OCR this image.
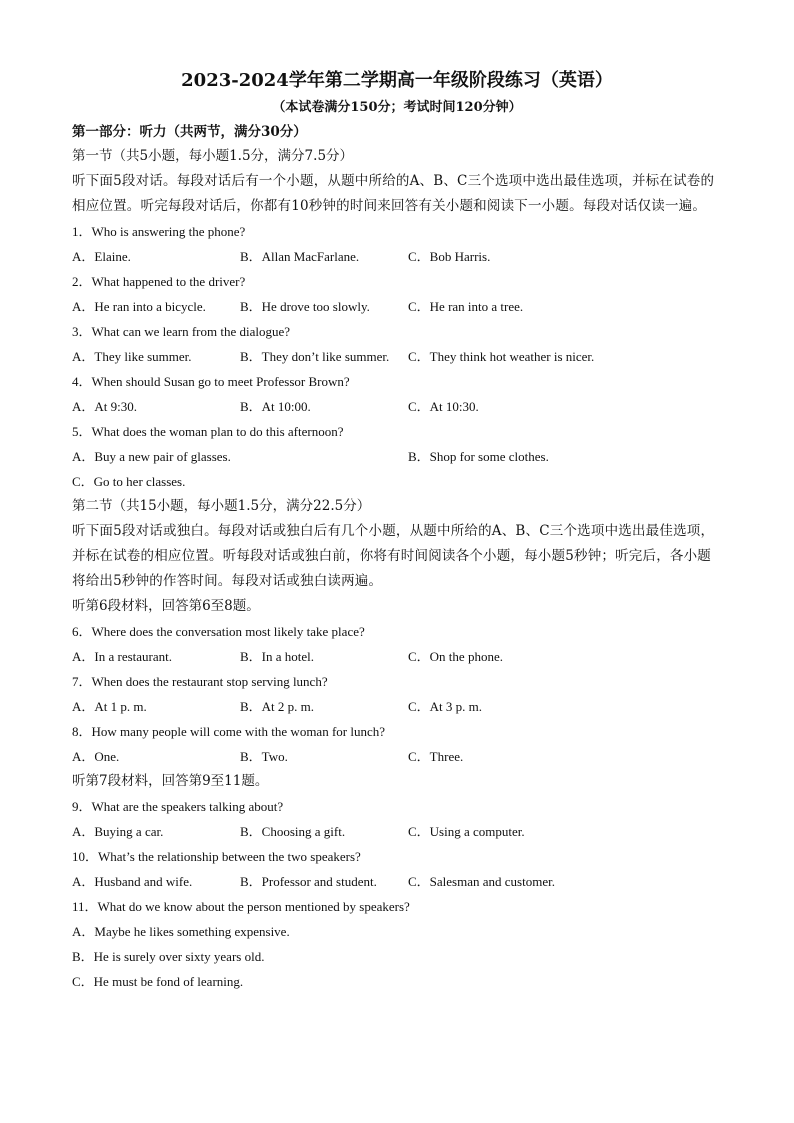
2023-2024学年第二学期高一年级阶段练习（英语）
（本试卷满分150分；考试时间120分钟）
第一部分：听力（共两节，满分30分）
第一节（共5小题，每小题1.5分，满分7.5分）
听下面5段对话。每段对话后有一个小题，从题中所给的A、B、C三个选项中选出最佳选项，并标在试卷的相应位置。听完每段对话后，你都有10秒钟的时间来回答有关小题和阅读下一小题。每段对话仅读一遍。
1．Who is answering the phone?
A．Elaine.	B．Allan MacFarlane.	C．Bob Harris.
2．What happened to the driver?
A．He ran into a bicycle.	B．He drove too slowly.	C．He ran into a tree.
3．What can we learn from the dialogue?
A．They like summer.	B．They don’t like summer. C．They think hot weather is nicer.
4．When should Susan go to meet Professor Brown?
A．At 9:30.	B．At 10:00.	C．At 10:30.
5．What does the woman plan to do this afternoon?
A．Buy a new pair of glasses.	B．Shop for some clothes.
C．Go to her classes.
第二节（共15小题，每小题1.5分，满分22.5分）
听下面5段对话或独白。每段对话或独白后有几个小题，从题中所给的A、B、C三个选项中选出最佳选项，并标在试卷的相应位置。听每段对话或独白前，你将有时间阅读各个小题，每小题5秒钟；听完后，各小题将给出5秒钟的作答时间。每段对话或独白读两遍。
听第6段材料，回答第6至8题。
6．Where does the conversation most likely take place?
A．In a restaurant.	B．In a hotel.	C．On the phone.
7．When does the restaurant stop serving lunch?
A．At 1 p. m.	B．At 2 p. m.	C．At 3 p. m.
8．How many people will come with the woman for lunch?
A．One.	B．Two.	C．Three.
听第7段材料，回答第9至11题。
9．What are the speakers talking about?
A．Buying a car.	B．Choosing a gift.	C．Using a computer.
10．What’s the relationship between the two speakers?
A．Husband and wife.	B．Professor and student. C．Salesman and customer.
11．What do we know about the person mentioned by speakers?
A．Maybe he likes something expensive.
B．He is surely over sixty years old.
C．He must be fond of learning.
